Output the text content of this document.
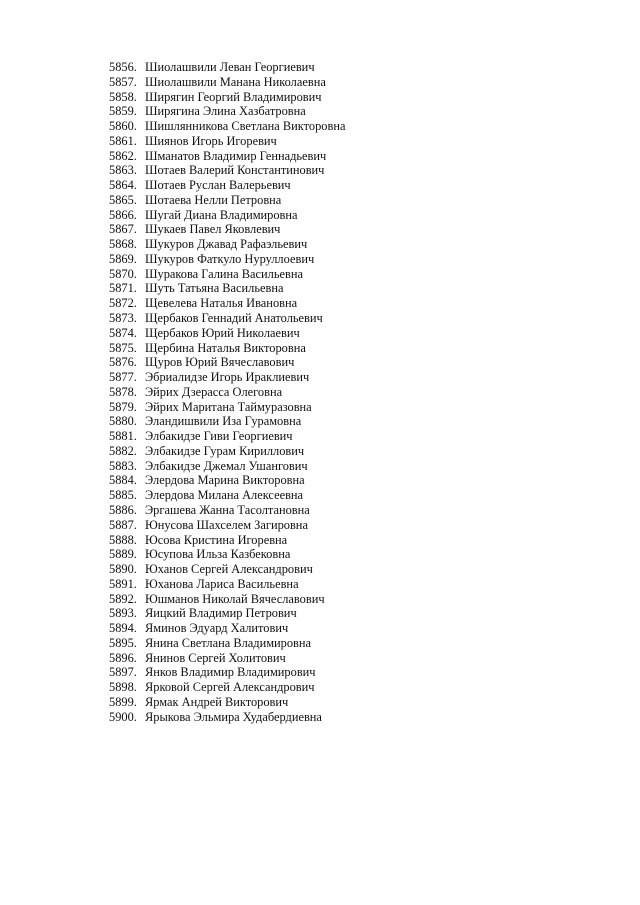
5856. Шиолашвили Леван Георгиевич
5857. Шиолашвили Манана Николаевна
5858. Ширягин Георгий Владимирович
5859. Ширягина Элина Хазбатровна
5860. Шишлянникова Светлана Викторовна
5861. Шиянов Игорь Игоревич
5862. Шманатов Владимир Геннадьевич
5863. Шотаев Валерий Константинович
5864. Шотаев Руслан Валерьевич
5865. Шотаева Нелли Петровна
5866. Шугай Диана Владимировна
5867. Шукаев Павел Яковлевич
5868. Шукуров Джавад Рафаэльевич
5869. Шукуров Фаткуло Нуруллоевич
5870. Шуракова Галина Васильевна
5871. Шуть Татьяна Васильевна
5872. Щевелева Наталья Ивановна
5873. Щербаков Геннадий Анатольевич
5874. Щербаков Юрий Николаевич
5875. Щербина Наталья Викторовна
5876. Щуров Юрий Вячеславович
5877. Эбриалидзе Игорь Ираклиевич
5878. Эйрих Дзерасса Олеговна
5879. Эйрих Маритана Таймуразовна
5880. Эландишвили Иза Гурамовна
5881. Элбакидзе Гиви Георгиевич
5882. Элбакидзе Гурам Кириллович
5883. Элбакидзе Джемал Ушангович
5884. Элердова Марина Викторовна
5885. Элердова Милана Алексеевна
5886. Эргашева Жанна Тасолтановна
5887. Юнусова Шахселем Загировна
5888. Юсова Кристина Игоревна
5889. Юсупова Ильза Казбековна
5890. Юханов Сергей Александрович
5891. Юханова Лариса Васильевна
5892. Юшманов Николай Вячеславович
5893. Яицкий Владимир Петрович
5894. Яминов Эдуард Халитович
5895. Янина Светлана Владимировна
5896. Янинов Сергей Холитович
5897. Янков Владимир Владимирович
5898. Ярковой Сергей Александрович
5899. Ярмак Андрей Викторович
5900. Ярыкова Эльмира Худабердиевна
